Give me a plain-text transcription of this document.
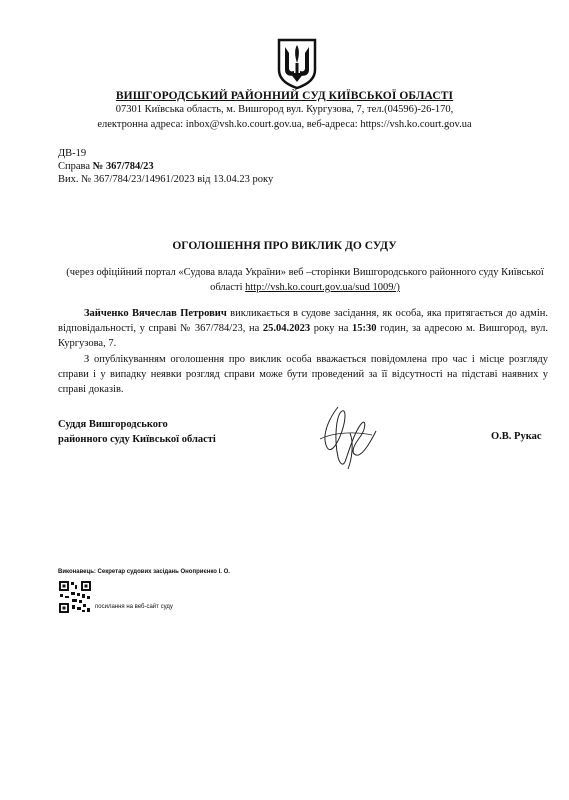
ВИШГОРОДСЬКИЙ РАЙОННИЙ СУД КИЇВСЬКОЇ ОБЛАСТІ
07301 Київська область, м. Вишгород вул. Кургузова, 7, тел.(04596)-26-170,
електронна адреса: inbox@vsh.ko.court.gov.ua, веб-адреса: https://vsh.ko.court.gov.ua
ДВ-19
Справа № 367/784/23
Вих. № 367/784/23/14961/2023 від 13.04.23 року
ОГОЛОШЕННЯ ПРО ВИКЛИК ДО СУДУ
(через офіційний портал «Судова влада України» веб –сторінки Вишгородського районного суду Київської області http://vsh.ko.court.gov.ua/sud 1009/)
Зайченко Вячеслав Петрович викликається в судове засідання, як особа, яка притягається до адмін. відповідальності, у справі № 367/784/23, на 25.04.2023 року на 15:30 годин, за адресою м. Вишгород, вул. Кургузова, 7.
З опублікуванням оголошення про виклик особа вважається повідомлена про час і місце розгляду справи і у випадку неявки розгляд справи може бути проведений за її відсутності на підставі наявних у справі доказів.
Суддя Вишгородського
районного суду Київської області	О.В. Рукас
Виконавець: Секретар судових засідань Оноприєнко І. О.
посилання на веб-сайт суду
